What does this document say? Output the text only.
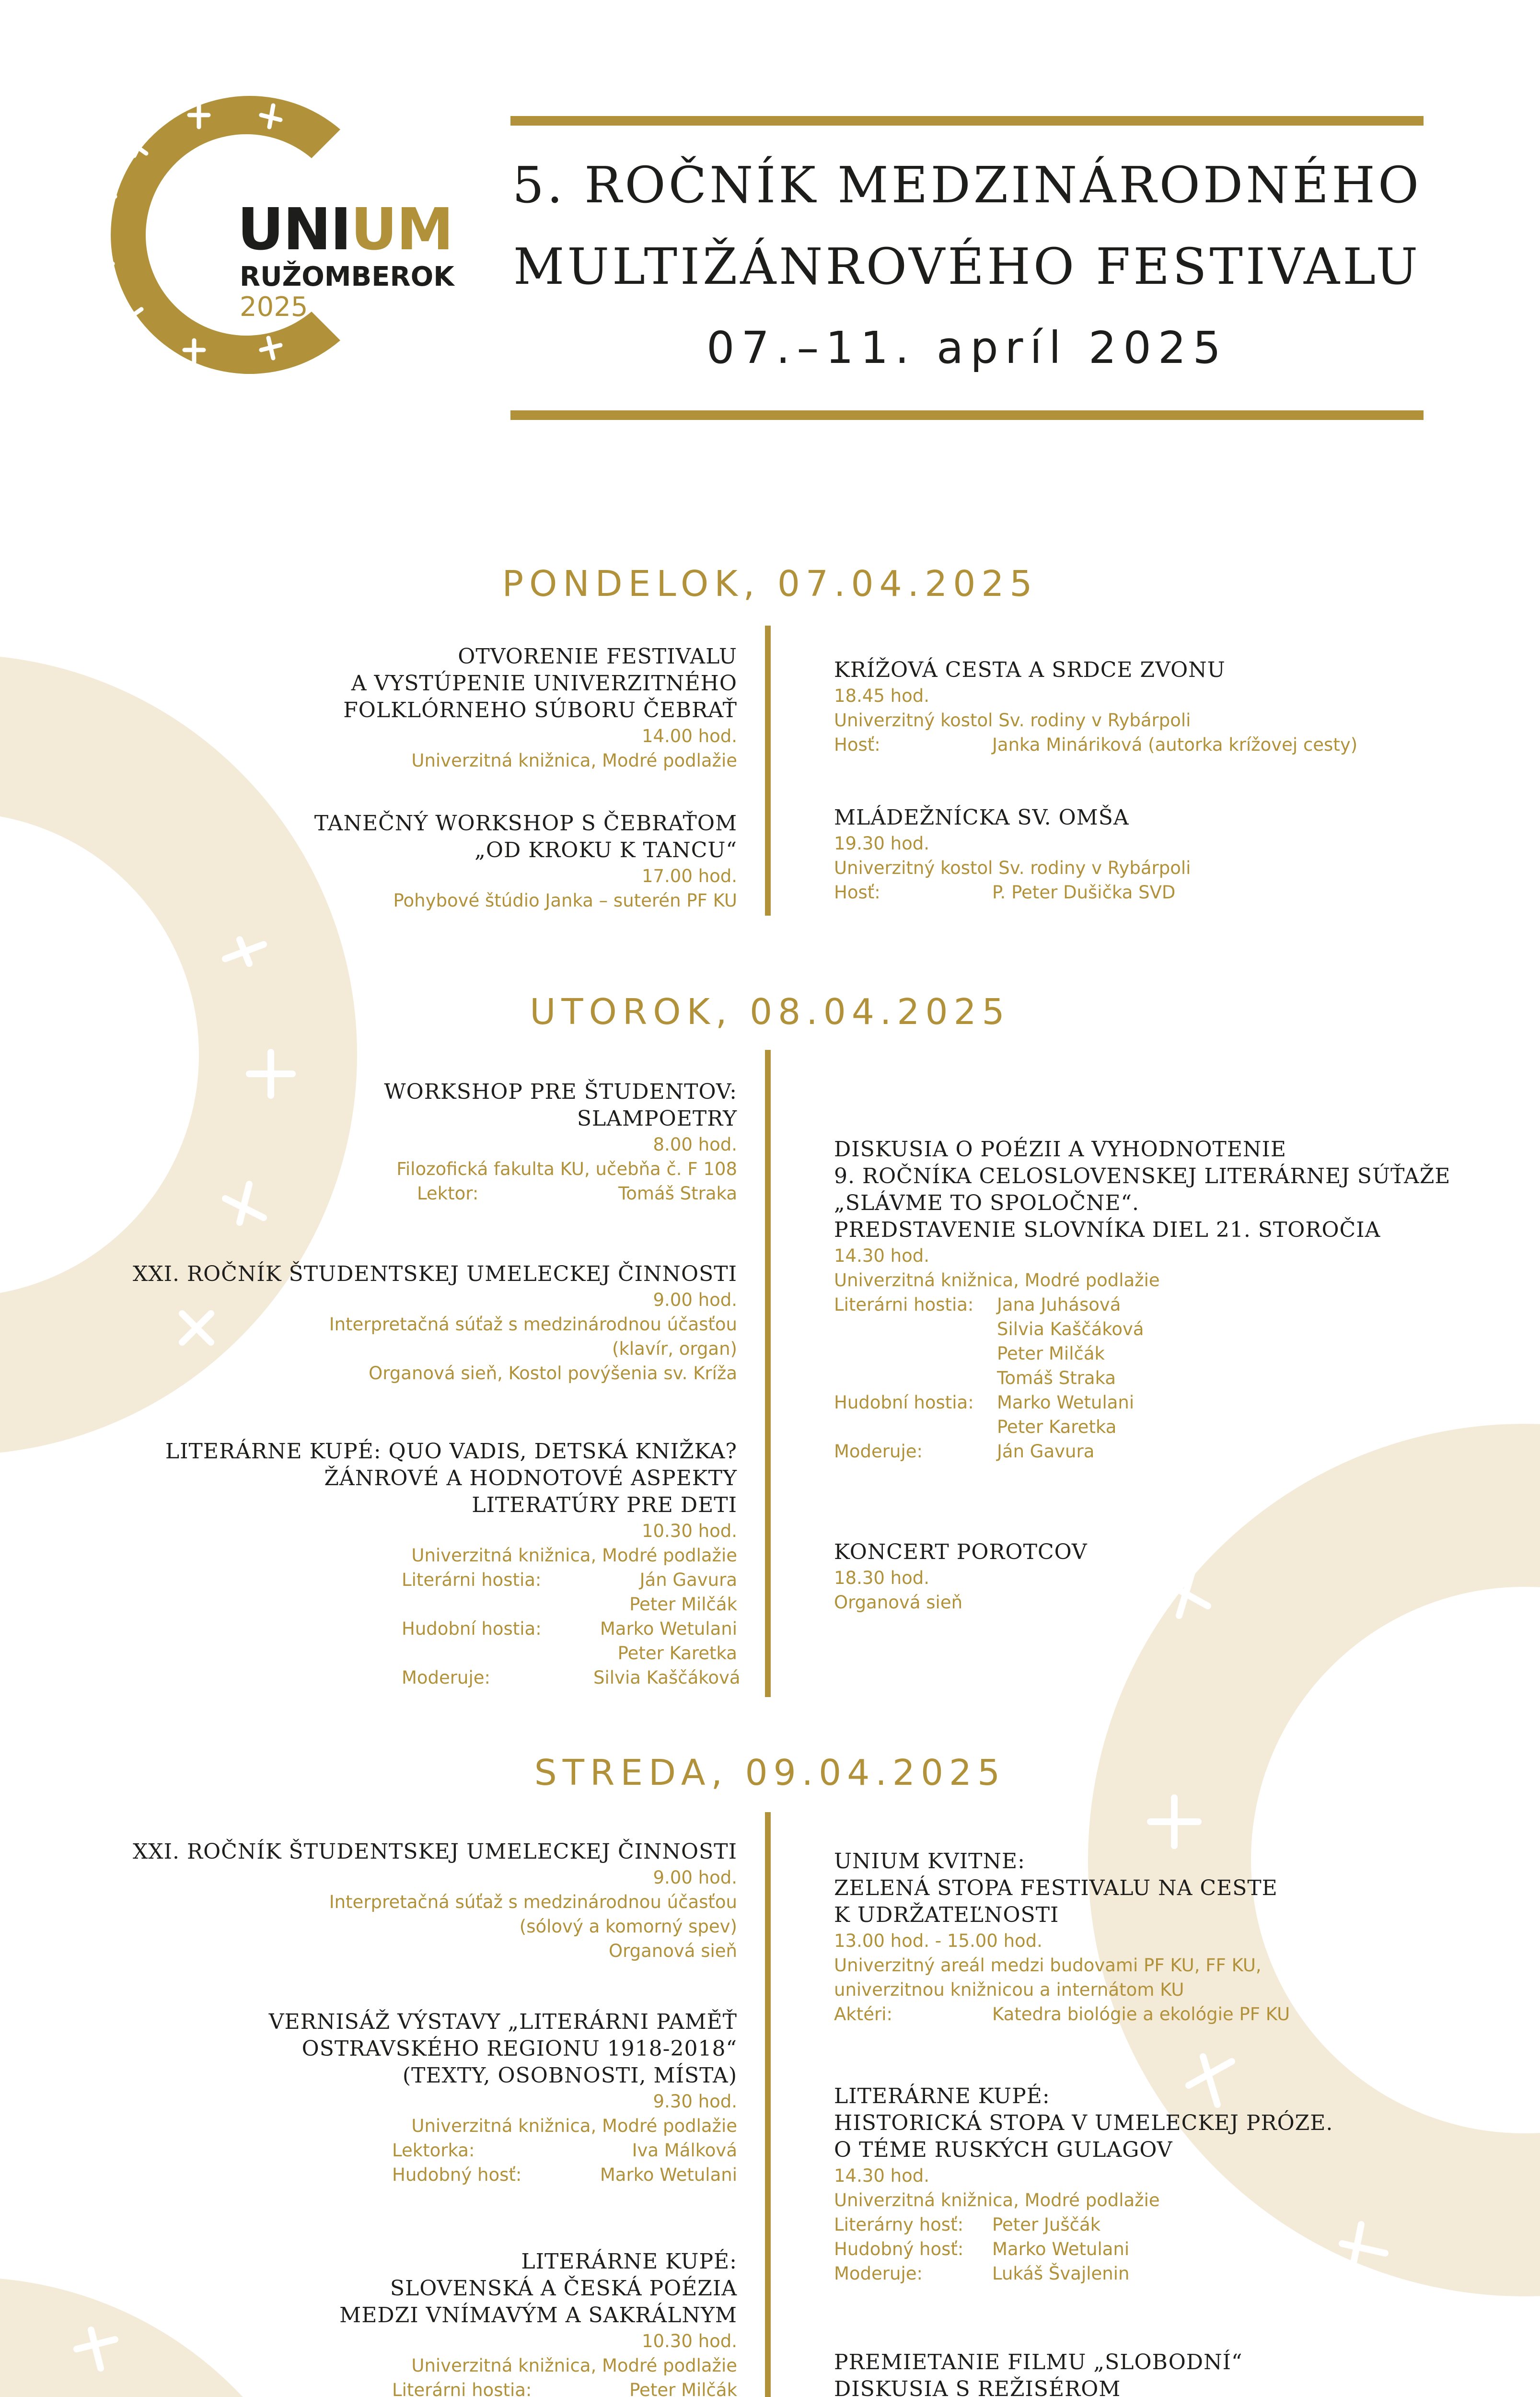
UNIUM
RUŽOMBEROK
2025
5. ROČNÍK MEDZINÁRODNÉHO
MULTIŽÁNROVÉHO FESTIVALU
07.–11. apríl 2025
PONDELOK, 07.04.2025
OTVORENIE FESTIVALU
A VYSTÚPENIE UNIVERZITNÉHO
FOLKLÓRNEHO SÚBORU ČEBRAŤ
14.00 hod.
Univerzitná knižnica, Modré podlažie
TANEČNÝ WORKSHOP S ČEBRAŤOM
„OD KROKU K TANCU“
17.00 hod.
Pohybové štúdio Janka – suterén PF KU
KRÍŽOVÁ CESTA A SRDCE ZVONU
18.45 hod.
Univerzitný kostol Sv. rodiny v Rybárpoli
Hosť:	Janka Mináriková (autorka krížovej cesty)
MLÁDEŽNÍCKA SV. OMŠA
19.30 hod.
Univerzitný kostol Sv. rodiny v Rybárpoli
Hosť:	P. Peter Dušička SVD
UTOROK, 08.04.2025
WORKSHOP PRE ŠTUDENTOV:
SLAMPOETRY
8.00 hod.
Filozofická fakulta KU, učebňa č. F 108
Lektor:	Tomáš Straka
XXI. ROČNÍK ŠTUDENTSKEJ UMELECKEJ ČINNOSTI
9.00 hod.
Interpretačná súťaž s medzinárodnou účasťou
(klavír, organ)
Organová sieň, Kostol povýšenia sv. Kríža
LITERÁRNE KUPÉ: QUO VADIS, DETSKÁ KNIŽKA?
ŽÁNROVÉ A HODNOTOVÉ ASPEKTY
LITERATÚRY PRE DETI
10.30 hod.
Univerzitná knižnica, Modré podlažie
Literárni hostia:	Ján Gavura
Peter Milčák
Hudobní hostia:	Marko Wetulani
Peter Karetka
Moderuje:	Silvia Kaščáková
DISKUSIA O POÉZII A VYHODNOTENIE
9. ROČNÍKA CELOSLOVENSKEJ LITERÁRNEJ SÚŤAŽE
„SLÁVME TO SPOLOČNE“.
PREDSTAVENIE SLOVNÍKA DIEL 21. STOROČIA
14.30 hod.
Univerzitná knižnica, Modré podlažie
Literárni hostia: Jana Juhásová
Silvia Kaščáková
Peter Milčák
Tomáš Straka
Hudobní hostia: Marko Wetulani
Peter Karetka
Moderuje:	Ján Gavura
KONCERT POROTCOV
18.30 hod.
Organová sieň
STREDA, 09.04.2025
XXI. ROČNÍK ŠTUDENTSKEJ UMELECKEJ ČINNOSTI
9.00 hod.
Interpretačná súťaž s medzinárodnou účasťou
(sólový a komorný spev)
Organová sieň
VERNISÁŽ VÝSTAVY „LITERÁRNI PAMĚŤ
OSTRAVSKÉHO REGIONU 1918-2018“
(TEXTY, OSOBNOSTI, MÍSTA)
9.30 hod.
Univerzitná knižnica, Modré podlažie
Lektorka:	Iva Málková
Hudobný hosť:	Marko Wetulani
LITERÁRNE KUPÉ:
SLOVENSKÁ A ČESKÁ POÉZIA
MEDZI VNÍMAVÝM A SAKRÁLNYM
10.30 hod.
Univerzitná knižnica, Modré podlažie
Literárni hostia:	Peter Milčák
UNIUM KVITNE:
ZELENÁ STOPA FESTIVALU NA CESTE
K UDRŽATEĽNOSTI
13.00 hod. - 15.00 hod.
Univerzitný areál medzi budovami PF KU, FF KU,
univerzitnou knižnicou a internátom KU
Aktéri:	Katedra biológie a ekológie PF KU
LITERÁRNE KUPÉ:
HISTORICKÁ STOPA V UMELECKEJ PRÓZE.
O TÉME RUSKÝCH GULAGOV
14.30 hod.
Univerzitná knižnica, Modré podlažie
Literárny hosť: Peter Juščák
Hudobný hosť: Marko Wetulani
Moderuje:	Lukáš Švajlenin
PREMIETANIE FILMU „SLOBODNÍ“
DISKUSIA S REŽISÉROM
